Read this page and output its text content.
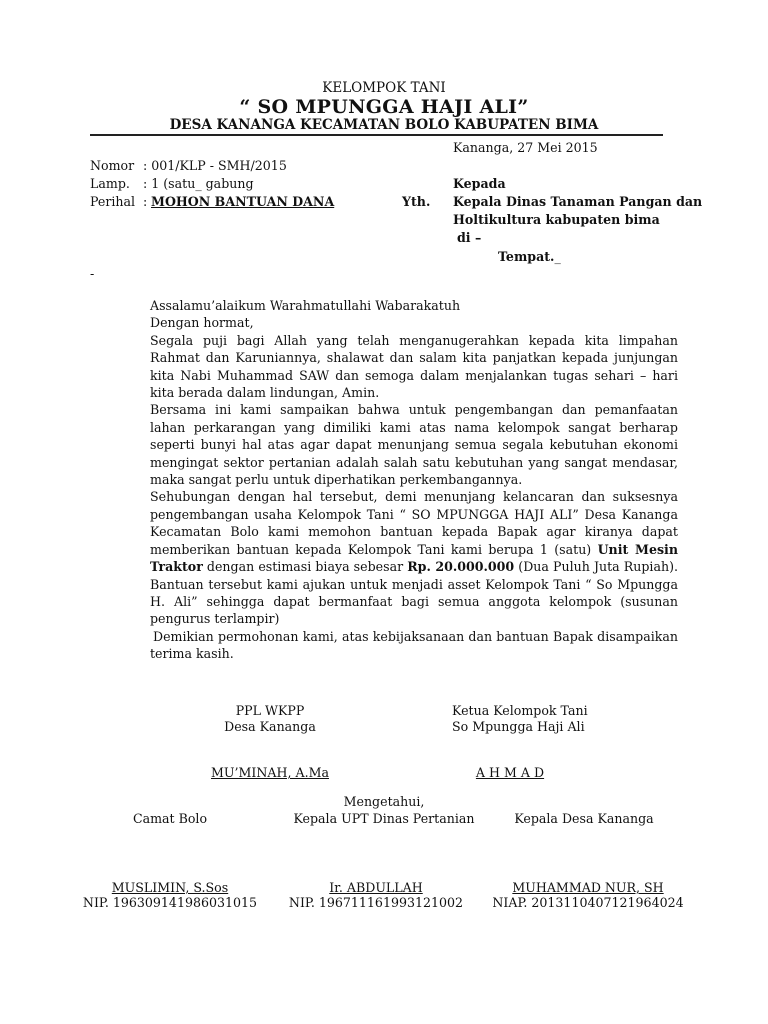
KELOMPOK TANI
“ SO MPUNGGA HAJI ALI”
DESA KANANGA KECAMATAN BOLO KABUPATEN BIMA
Kananga, 27 Mei 2015
Nomor : 001/KLP - SMH/2015
Lamp. : 1 (satu_ gabung
Perihal : MOHON BANTUAN DANA	Yth.
Kepada
Kepala Dinas Tanaman Pangan dan
Holtikultura kabupaten bima
di –
Tempat._
-

Assalamu’alaikum Warahmatullahi Wabarakatuh

Dengan hormat,

Segala puji bagi Allah yang telah menganugerahkan kepada kita limpahan Rahmat dan Karuniannya, shalawat dan salam kita panjatkan kepada junjungan kita Nabi Muhammad SAW dan semoga dalam menjalankan tugas sehari – hari kita berada dalam lindungan, Amin.

Bersama ini kami sampaikan bahwa untuk pengembangan dan pemanfaatan lahan perkarangan yang dimiliki kami atas nama kelompok sangat berharap seperti bunyi hal atas agar dapat menunjang semua segala kebutuhan ekonomi mengingat sektor pertanian adalah salah satu kebutuhan yang sangat mendasar, maka sangat perlu untuk diperhatikan perkembangannya.

Sehubungan dengan hal tersebut, demi menunjang kelancaran dan suksesnya pengembangan usaha Kelompok Tani “ SO MPUNGGA HAJI ALI” Desa Kananga Kecamatan Bolo kami memohon bantuan kepada Bapak agar kiranya dapat memberikan bantuan kepada Kelompok Tani kami berupa 1 (satu) Unit Mesin Traktor dengan estimasi biaya sebesar Rp. 20.000.000 (Dua Puluh Juta Rupiah). Bantuan tersebut kami ajukan untuk menjadi asset Kelompok Tani “ So Mpungga H. Ali” sehingga dapat bermanfaat bagi semua anggota kelompok (susunan pengurus terlampir)

Demikian permohonan kami, atas kebijaksanaan dan bantuan Bapak disampaikan terima kasih.

PPL WKPP
Desa Kananga
MU’MINAH, A.Ma
Ketua Kelompok Tani
So Mpungga Haji Ali
A H M A D
Mengetahui,
Camat Bolo	Kepala UPT Dinas Pertanian	Kepala Desa Kananga
MUSLIMIN, S.Sos
NIP. 196309141986031015
Ir. ABDULLAH
NIP. 196711161993121002
MUHAMMAD NUR, SH
NIAP. 2013110407121964024
